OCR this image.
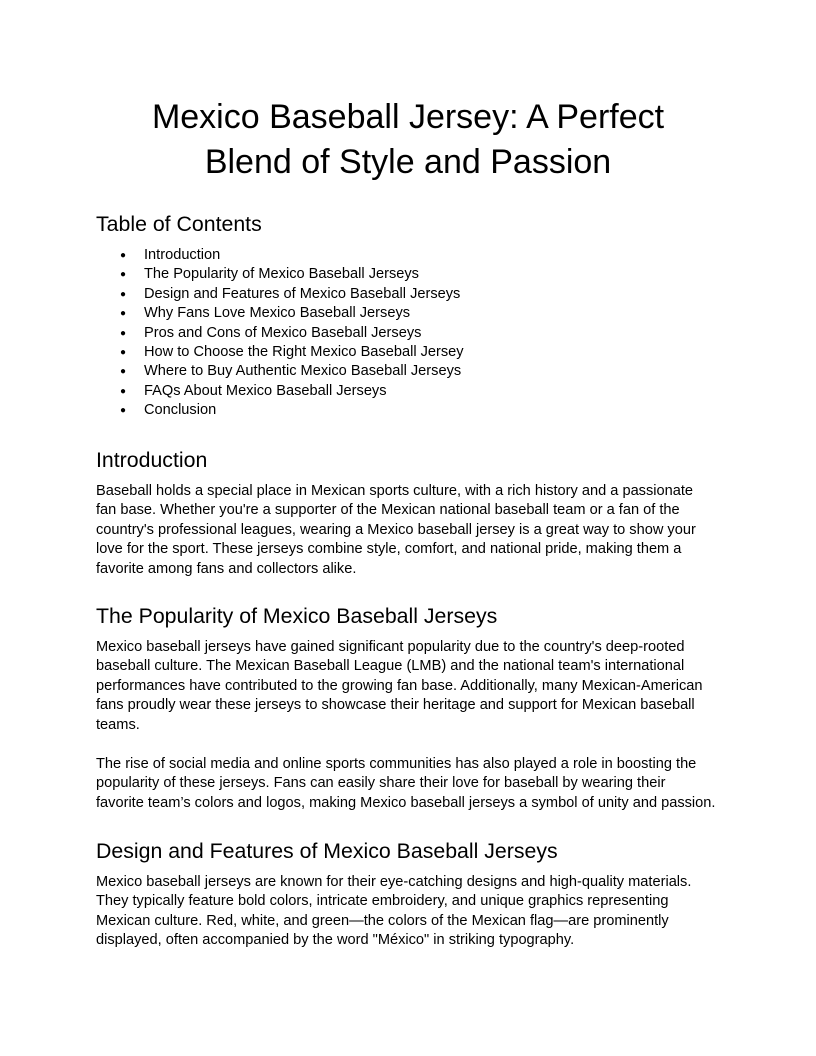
Mexico Baseball Jersey: A Perfect
Blend of Style and Passion
Table of Contents
● Introduction
● The Popularity of Mexico Baseball Jerseys
● Design and Features of Mexico Baseball Jerseys
● Why Fans Love Mexico Baseball Jerseys
● Pros and Cons of Mexico Baseball Jerseys
● How to Choose the Right Mexico Baseball Jersey
● Where to Buy Authentic Mexico Baseball Jerseys
● FAQs About Mexico Baseball Jerseys
● Conclusion
Introduction

Baseball holds a special place in Mexican sports culture, with a rich history and a passionate
fan base. Whether you're a supporter of the Mexican national baseball team or a fan of the
country's professional leagues, wearing a Mexico baseball jersey is a great way to show your
love for the sport. These jerseys combine style, comfort, and national pride, making them a
favorite among fans and collectors alike.

The Popularity of Mexico Baseball Jerseys

Mexico baseball jerseys have gained significant popularity due to the country's deep-rooted
baseball culture. The Mexican Baseball League (LMB) and the national team's international
performances have contributed to the growing fan base. Additionally, many Mexican-American
fans proudly wear these jerseys to showcase their heritage and support for Mexican baseball
teams.

The rise of social media and online sports communities has also played a role in boosting the
popularity of these jerseys. Fans can easily share their love for baseball by wearing their
favorite team’s colors and logos, making Mexico baseball jerseys a symbol of unity and passion.

Design and Features of Mexico Baseball Jerseys

Mexico baseball jerseys are known for their eye-catching designs and high-quality materials.
They typically feature bold colors, intricate embroidery, and unique graphics representing
Mexican culture. Red, white, and green—the colors of the Mexican flag—are prominently
displayed, often accompanied by the word "México" in striking typography.
